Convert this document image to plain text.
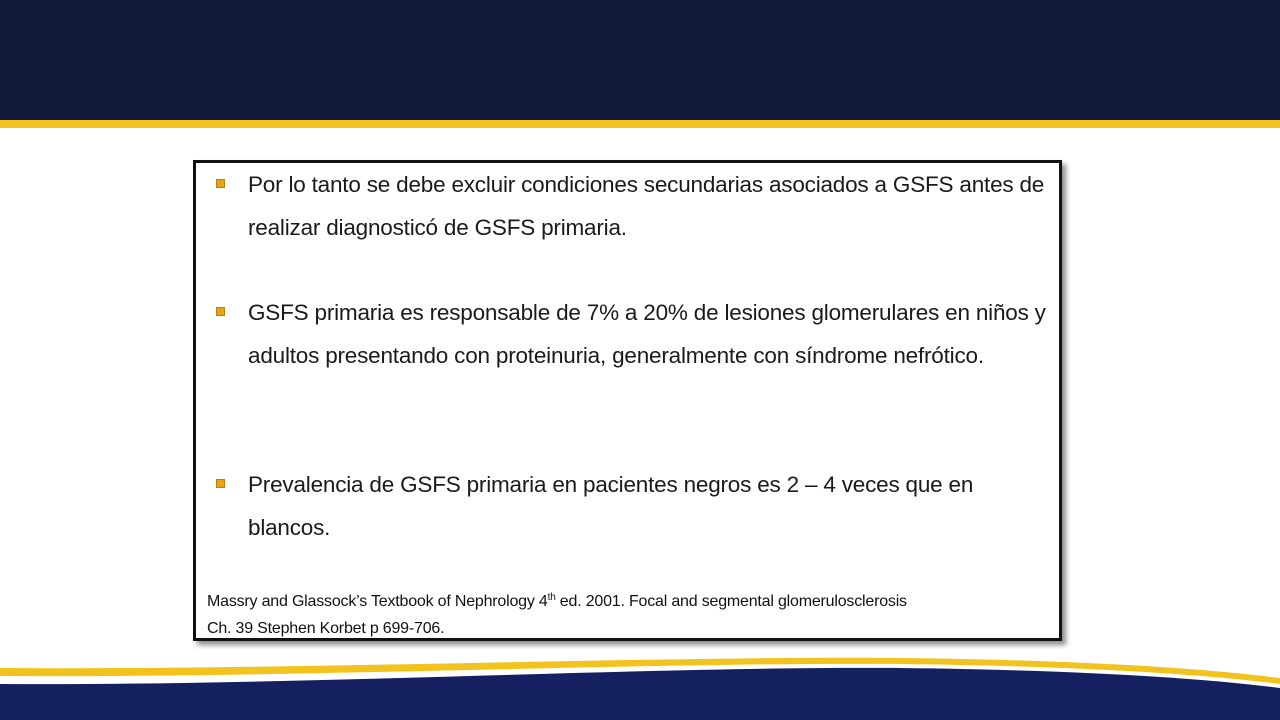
Por lo tanto se debe excluir condiciones secundarias asociados a GSFS antes de realizar diagnosticó de GSFS primaria.
GSFS primaria es responsable de 7% a 20% de lesiones glomerulares en niños y adultos presentando con proteinuria, generalmente con síndrome nefrótico.
Prevalencia de GSFS primaria en pacientes negros es 2 – 4 veces que en blancos.
Massry and Glassock’s Textbook of Nephrology 4th ed. 2001. Focal and segmental glomerulosclerosis
Ch. 39 Stephen Korbet p 699-706.
